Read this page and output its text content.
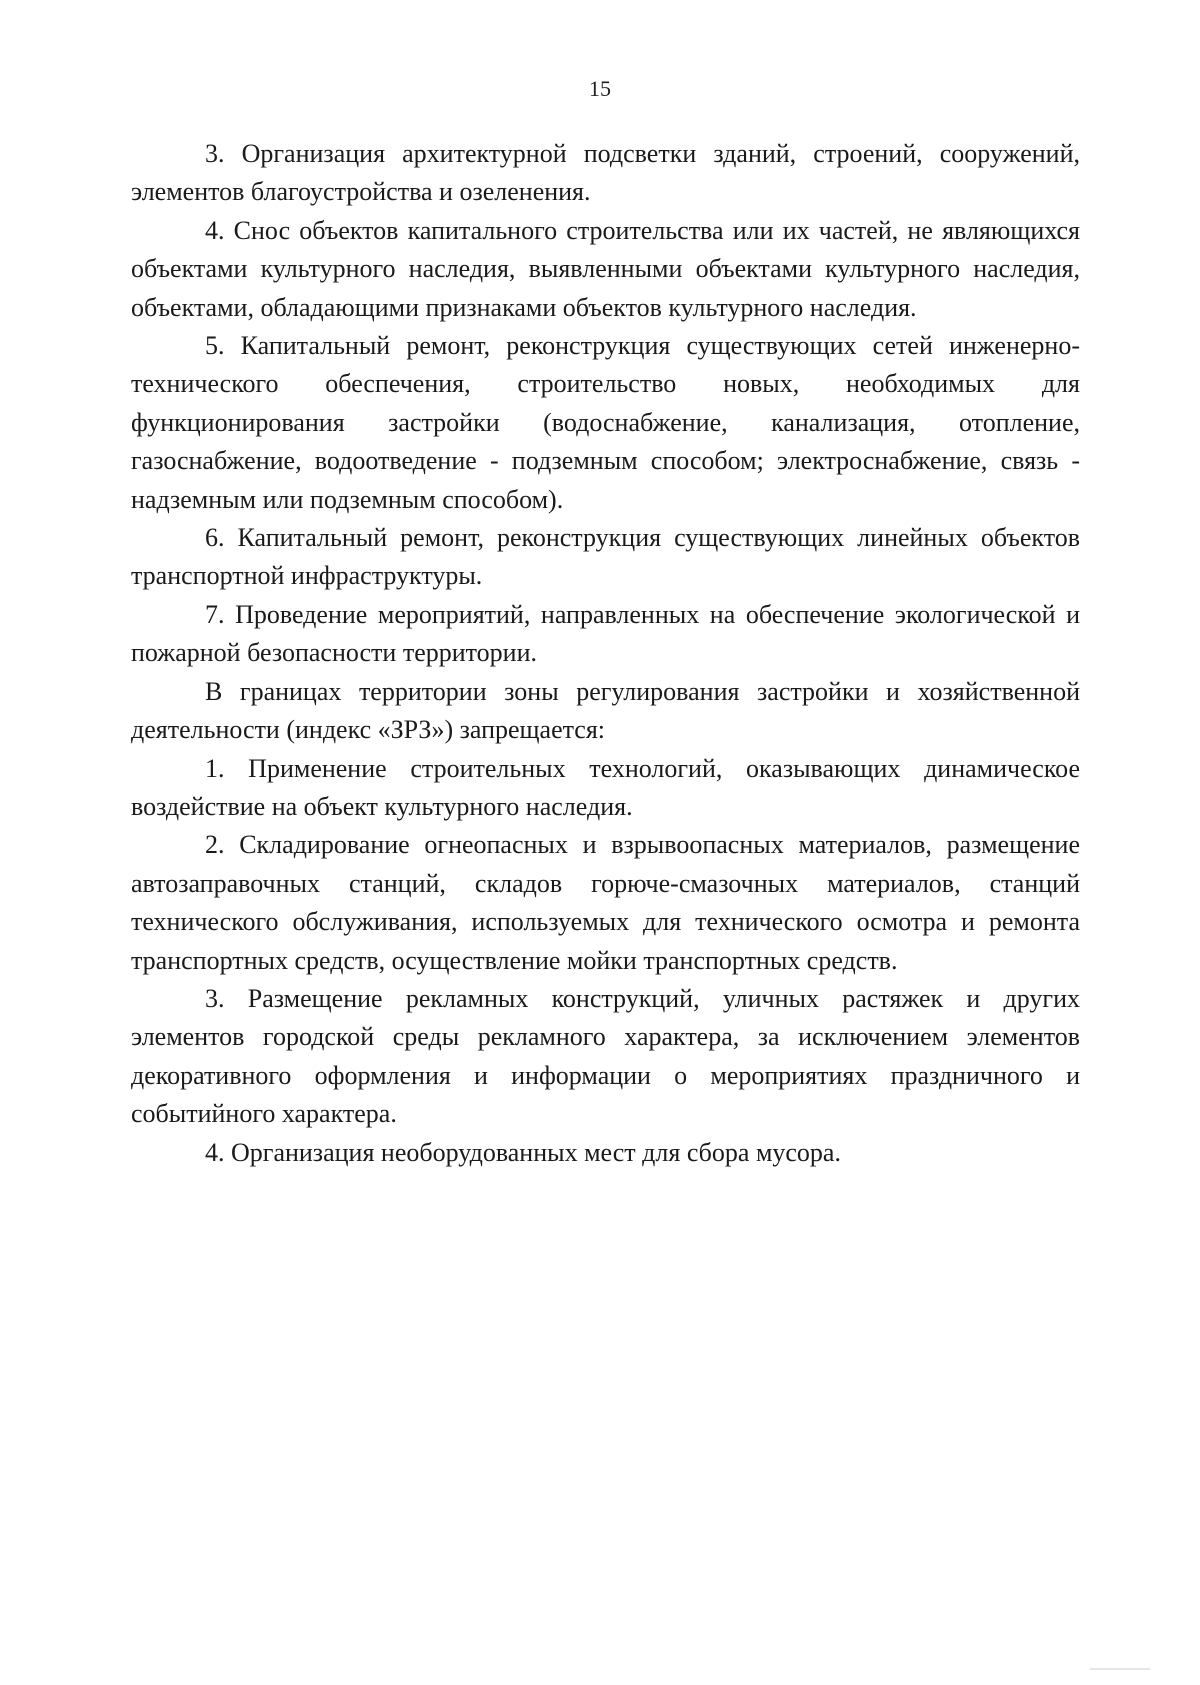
15

3. Организация архитектурной подсветки зданий, строений, сооружений, элементов благоустройства и озеленения.

4. Снос объектов капитального строительства или их частей, не являющихся объектами культурного наследия, выявленными объектами культурного наследия, объектами, обладающими признаками объектов культурного наследия.

5. Капитальный ремонт, реконструкция существующих сетей инженерно-технического обеспечения, строительство новых, необходимых для функционирования застройки (водоснабжение, канализация, отопление, газоснабжение, водоотведение - подземным способом; электроснабжение, связь - надземным или подземным способом).

6. Капитальный ремонт, реконструкция существующих линейных объектов транспортной инфраструктуры.

7. Проведение мероприятий, направленных на обеспечение экологической и пожарной безопасности территории.

В границах территории зоны регулирования застройки и хозяйственной деятельности (индекс «ЗРЗ») запрещается:

1. Применение строительных технологий, оказывающих динамическое воздействие на объект культурного наследия.

2. Складирование огнеопасных и взрывоопасных материалов, размещение автозаправочных станций, складов горюче-смазочных материалов, станций технического обслуживания, используемых для технического осмотра и ремонта транспортных средств, осуществление мойки транспортных средств.

3. Размещение рекламных конструкций, уличных растяжек и других элементов городской среды рекламного характера, за исключением элементов декоративного оформления и информации о мероприятиях праздничного и событийного характера.

4. Организация необорудованных мест для сбора мусора.
